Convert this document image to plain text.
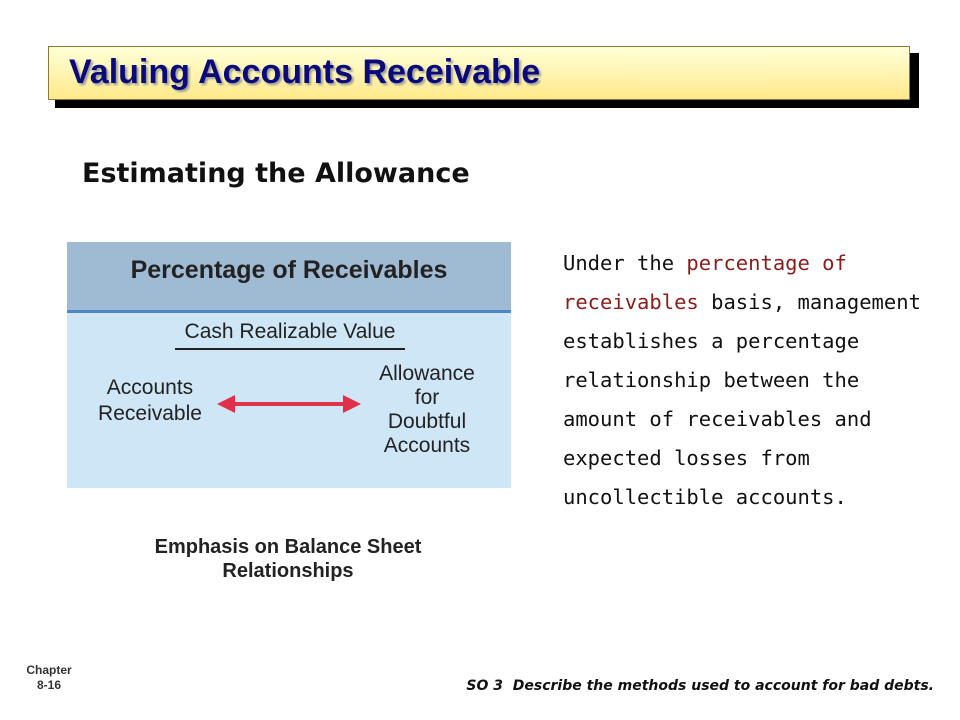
Valuing Accounts Receivable
Estimating the Allowance
Percentage of Receivables
Cash Realizable Value
Accounts
Receivable
Allowance
for
Doubtful
Accounts
Emphasis on Balance Sheet
Relationships
Under the percentage of receivables basis, management establishes a percentage relationship between the amount of receivables and expected losses from uncollectible accounts.
Chapter
8-16	SO 3  Describe the methods used to account for bad debts.
